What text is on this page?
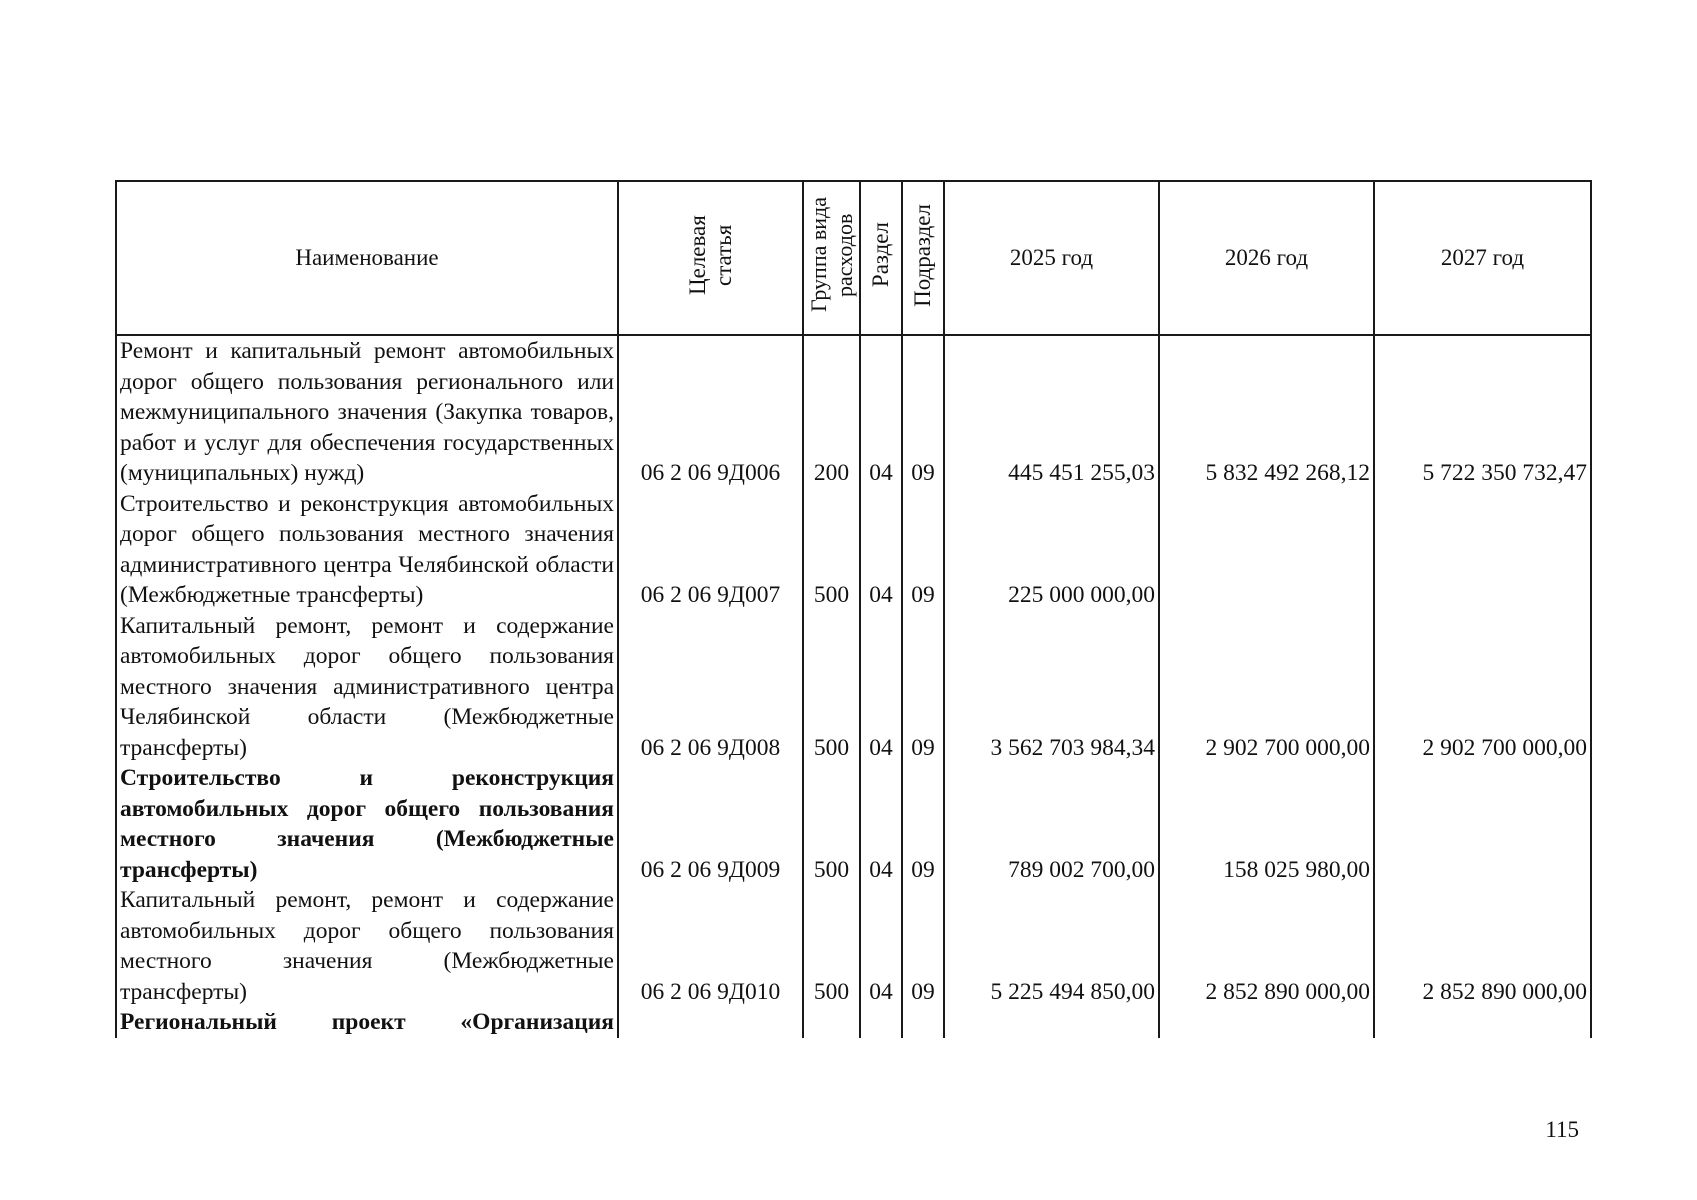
Наименование	Целевая статья	Группа вида расходов	Раздел	Подраздел	2025 год	2026 год	2027 год

Ремонт и капитальный ремонт автомобильных дорог общего пользования регионального или межмуниципального значения (Закупка товаров, работ и услуг для обеспечения государственных (муниципальных) нужд)	06 2 06 9Д006	200	04	09	445 451 255,03	5 832 492 268,12	5 722 350 732,47

Строительство и реконструкция автомобильных дорог общего пользования местного значения административного центра Челябинской области (Межбюджетные трансферты)	06 2 06 9Д007	500	04	09	225 000 000,00		

Капитальный ремонт, ремонт и содержание автомобильных дорог общего пользования местного значения административного центра Челябинской области (Межбюджетные трансферты)	06 2 06 9Д008	500	04	09	3 562 703 984,34	2 902 700 000,00	2 902 700 000,00

Строительство и реконструкция автомобильных дорог общего пользования местного значения (Межбюджетные трансферты)	06 2 06 9Д009	500	04	09	789 002 700,00	158 025 980,00	

Капитальный ремонт, ремонт и содержание автомобильных дорог общего пользования местного значения (Межбюджетные трансферты)	06 2 06 9Д010	500	04	09	5 225 494 850,00	2 852 890 000,00	2 852 890 000,00

Региональный проект «Организация							

115
